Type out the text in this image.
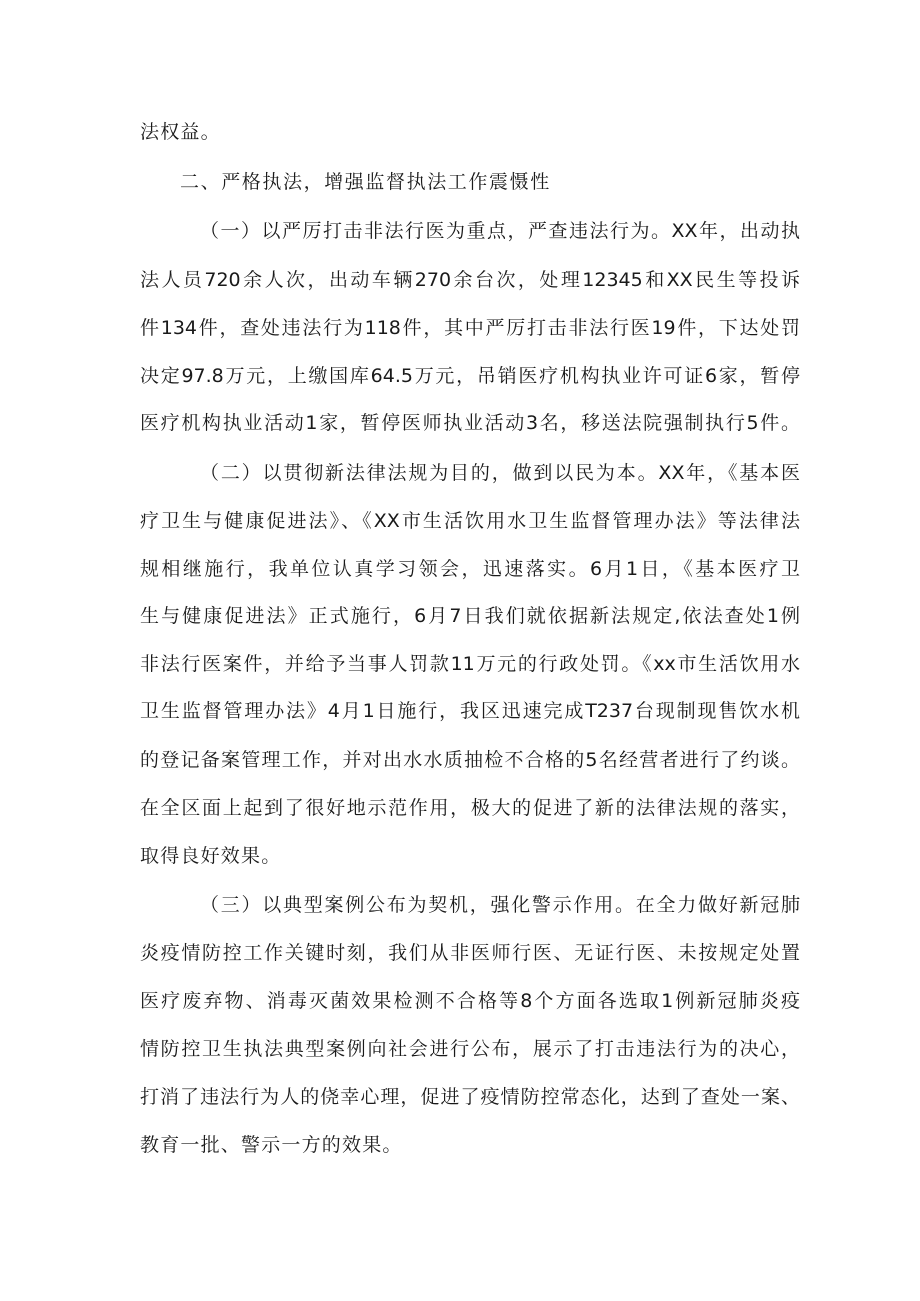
法权益。
二、严格执法，增强监督执法工作震慑性
（一）以严厉打击非法行医为重点，严查违法行为。XX年，出动执
法人员720余人次，出动车辆270余台次，处理12345和XX民生等投诉
件134件，查处违法行为118件，其中严厉打击非法行医19件，下达处罚
决定97.8万元，上缴国库64.5万元，吊销医疗机构执业许可证6家，暂停
医疗机构执业活动1家，暂停医师执业活动3名，移送法院强制执行5件。
（二）以贯彻新法律法规为目的，做到以民为本。XX年，《基本医
疗卫生与健康促进法》、《XX市生活饮用水卫生监督管理办法》等法律法
规相继施行，我单位认真学习领会，迅速落实。6月1日，《基本医疗卫
生与健康促进法》正式施行，6月7日我们就依据新法规定,依法查处1例
非法行医案件，并给予当事人罚款11万元的行政处罚。《xx市生活饮用水
卫生监督管理办法》4月1日施行，我区迅速完成T237台现制现售饮水机
的登记备案管理工作，并对出水水质抽检不合格的5名经营者进行了约谈。
在全区面上起到了很好地示范作用，极大的促进了新的法律法规的落实，
取得良好效果。
（三）以典型案例公布为契机，强化警示作用。在全力做好新冠肺
炎疫情防控工作关键时刻，我们从非医师行医、无证行医、未按规定处置
医疗废弃物、消毒灭菌效果检测不合格等8个方面各选取1例新冠肺炎疫
情防控卫生执法典型案例向社会进行公布，展示了打击违法行为的决心，
打消了违法行为人的侥幸心理，促进了疫情防控常态化，达到了查处一案、
教育一批、警示一方的效果。
